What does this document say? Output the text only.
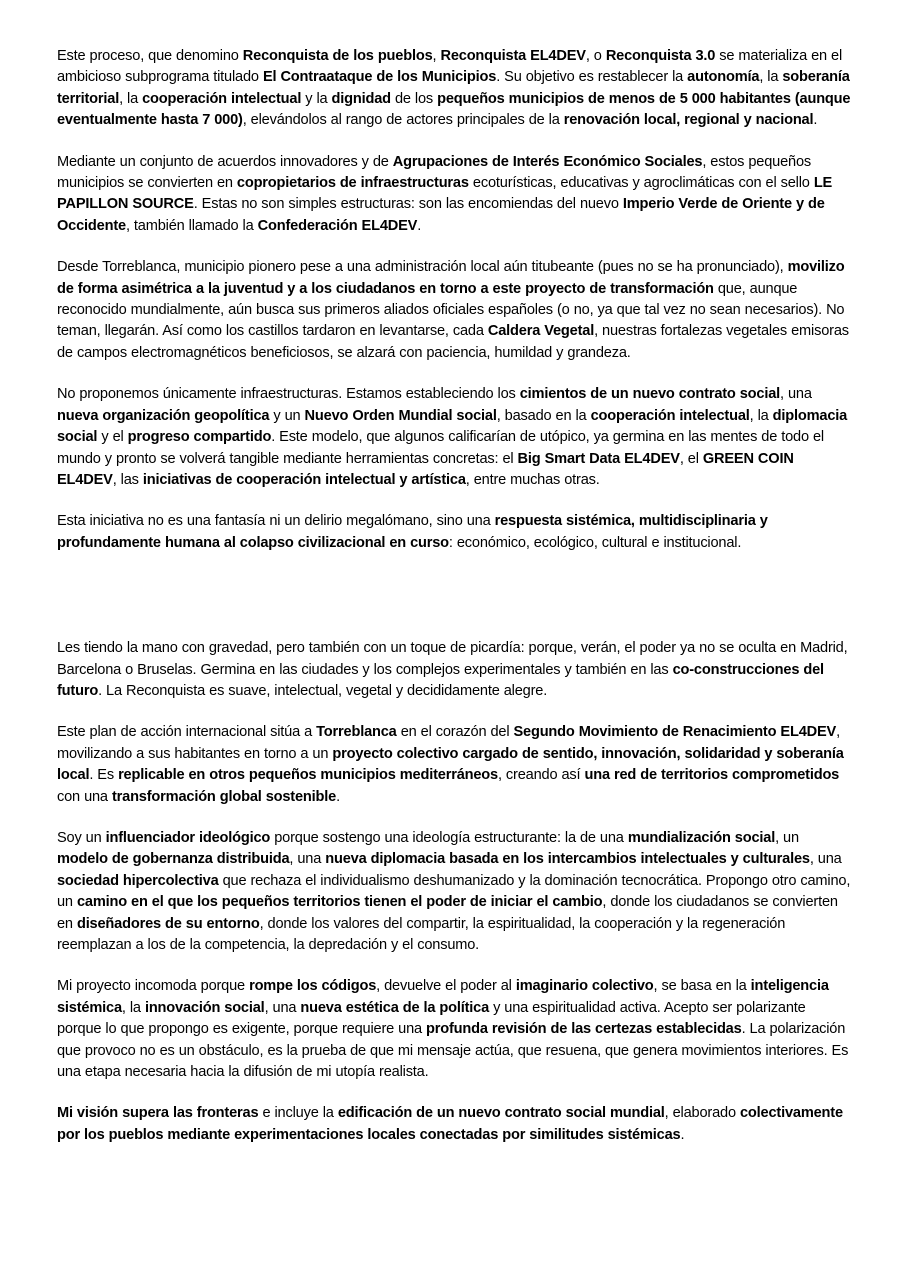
Este proceso, que denomino Reconquista de los pueblos, Reconquista EL4DEV, o Reconquista 3.0 se materializa en el ambicioso subprograma titulado El Contraataque de los Municipios. Su objetivo es restablecer la autonomía, la soberanía territorial, la cooperación intelectual y la dignidad de los pequeños municipios de menos de 5 000 habitantes (aunque eventualmente hasta 7 000), elevándolos al rango de actores principales de la renovación local, regional y nacional.

Mediante un conjunto de acuerdos innovadores y de Agrupaciones de Interés Económico Sociales, estos pequeños municipios se convierten en copropietarios de infraestructuras ecoturísticas, educativas y agroclimáticas con el sello LE PAPILLON SOURCE. Estas no son simples estructuras: son las encomiendas del nuevo Imperio Verde de Oriente y de Occidente, también llamado la Confederación EL4DEV.

Desde Torreblanca, municipio pionero pese a una administración local aún titubeante (pues no se ha pronunciado), movilizo de forma asimétrica a la juventud y a los ciudadanos en torno a este proyecto de transformación que, aunque reconocido mundialmente, aún busca sus primeros aliados oficiales españoles (o no, ya que tal vez no sean necesarios). No teman, llegarán. Así como los castillos tardaron en levantarse, cada Caldera Vegetal, nuestras fortalezas vegetales emisoras de campos electromagnéticos beneficiosos, se alzará con paciencia, humildad y grandeza.

No proponemos únicamente infraestructuras. Estamos estableciendo los cimientos de un nuevo contrato social, una nueva organización geopolítica y un Nuevo Orden Mundial social, basado en la cooperación intelectual, la diplomacia social y el progreso compartido. Este modelo, que algunos calificarían de utópico, ya germina en las mentes de todo el mundo y pronto se volverá tangible mediante herramientas concretas: el Big Smart Data EL4DEV, el GREEN COIN EL4DEV, las iniciativas de cooperación intelectual y artística, entre muchas otras.

Esta iniciativa no es una fantasía ni un delirio megalómano, sino una respuesta sistémica, multidisciplinaria y profundamente humana al colapso civilizacional en curso: económico, ecológico, cultural e institucional.

Les tiendo la mano con gravedad, pero también con un toque de picardía: porque, verán, el poder ya no se oculta en Madrid, Barcelona o Bruselas. Germina en las ciudades y los complejos experimentales y también en las co-construcciones del futuro. La Reconquista es suave, intelectual, vegetal y decididamente alegre.

Este plan de acción internacional sitúa a Torreblanca en el corazón del Segundo Movimiento de Renacimiento EL4DEV, movilizando a sus habitantes en torno a un proyecto colectivo cargado de sentido, innovación, solidaridad y soberanía local. Es replicable en otros pequeños municipios mediterráneos, creando así una red de territorios comprometidos con una transformación global sostenible.

Soy un influenciador ideológico porque sostengo una ideología estructurante: la de una mundialización social, un modelo de gobernanza distribuida, una nueva diplomacia basada en los intercambios intelectuales y culturales, una sociedad hipercolectiva que rechaza el individualismo deshumanizado y la dominación tecnocrática. Propongo otro camino, un camino en el que los pequeños territorios tienen el poder de iniciar el cambio, donde los ciudadanos se convierten en diseñadores de su entorno, donde los valores del compartir, la espiritualidad, la cooperación y la regeneración reemplazan a los de la competencia, la depredación y el consumo.

Mi proyecto incomoda porque rompe los códigos, devuelve el poder al imaginario colectivo, se basa en la inteligencia sistémica, la innovación social, una nueva estética de la política y una espiritualidad activa. Acepto ser polarizante porque lo que propongo es exigente, porque requiere una profunda revisión de las certezas establecidas. La polarización que provoco no es un obstáculo, es la prueba de que mi mensaje actúa, que resuena, que genera movimientos interiores. Es una etapa necesaria hacia la difusión de mi utopía realista.

Mi visión supera las fronteras e incluye la edificación de un nuevo contrato social mundial, elaborado colectivamente por los pueblos mediante experimentaciones locales conectadas por similitudes sistémicas.
